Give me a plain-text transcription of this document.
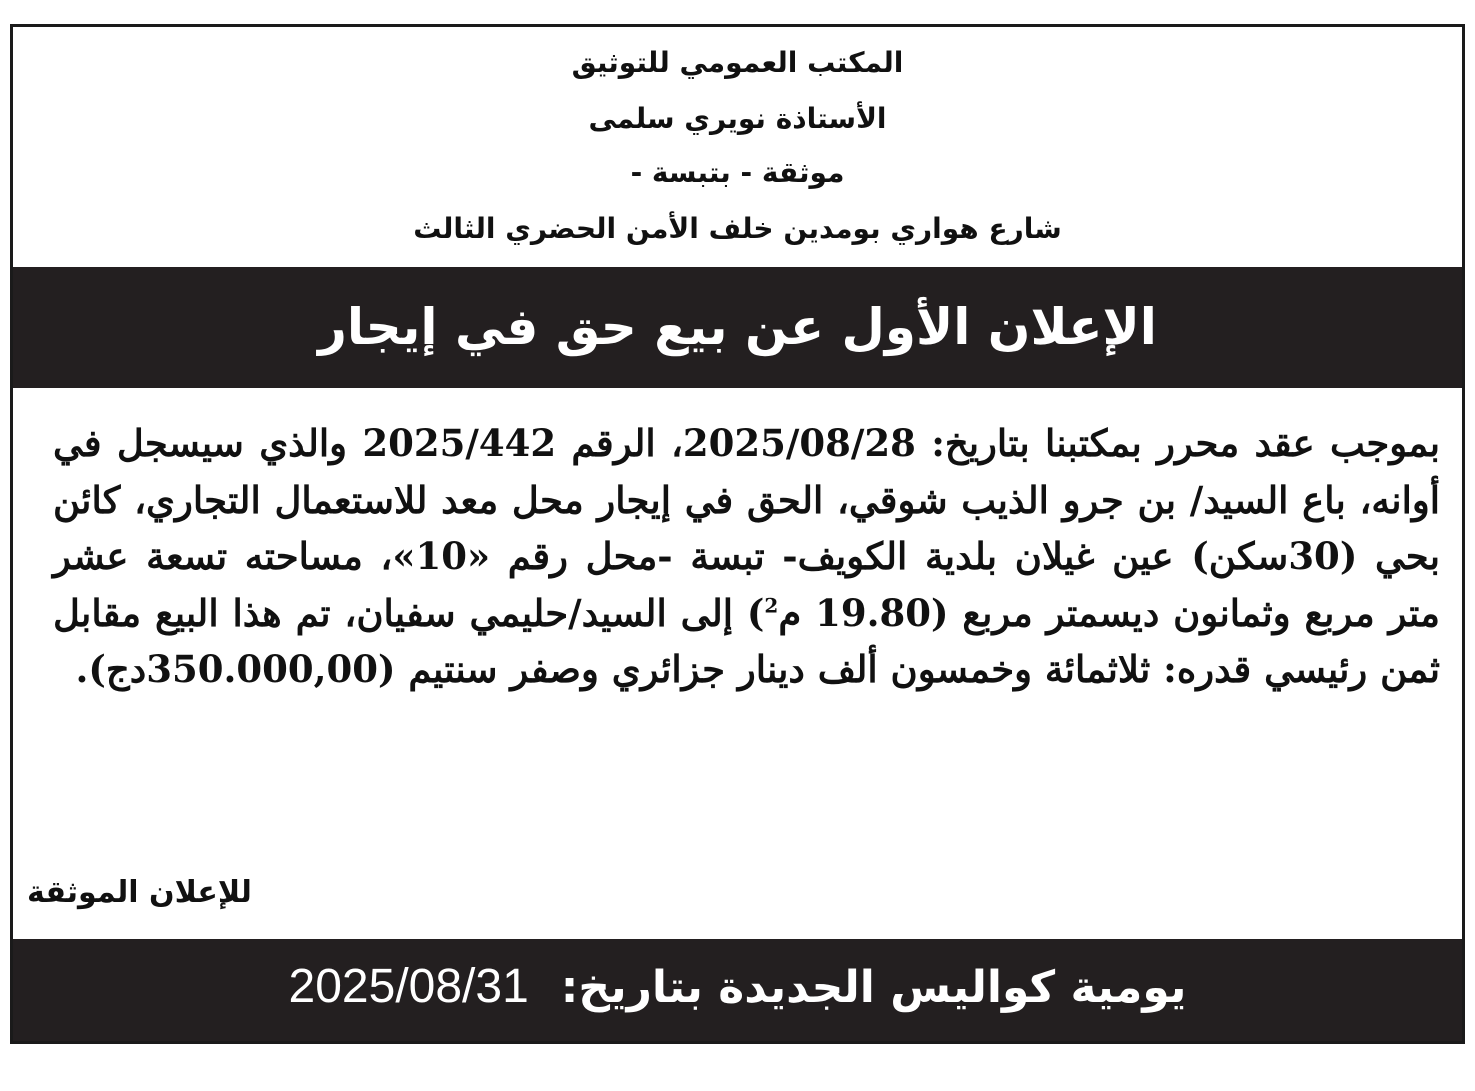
المكتب العمومي للتوثيق
الأستاذة نويري سلمى
موثقة - بتبسة -
شارع هواري بومدين خلف الأمن الحضري الثالث
الإعلان الأول عن بيع حق في إيجار
بموجب عقد محرر بمكتبنا بتاريخ: 2025/08/28، الرقم 2025/442 والذي سيسجل في أوانه، باع السيد/ بن جرو الذيب شوقي، الحق في إيجار محل معد للاستعمال التجاري، كائن بحي (30سكن) عين غيلان بلدية الكويف- تبسة -محل رقم «10»، مساحته تسعة عشر متر مربع وثمانون ديسمتر مربع (19.80 م$^2$) إلى السيد/حليمي سفيان، تم هذا البيع مقابل ثمن رئيسي قدره: ثلاثمائة وخمسون ألف دينار جزائري وصفر سنتيم (350.000,00دج).
للإعلان الموثقة
يومية كواليس الجديدة بتاريخ: 2025/08/31
